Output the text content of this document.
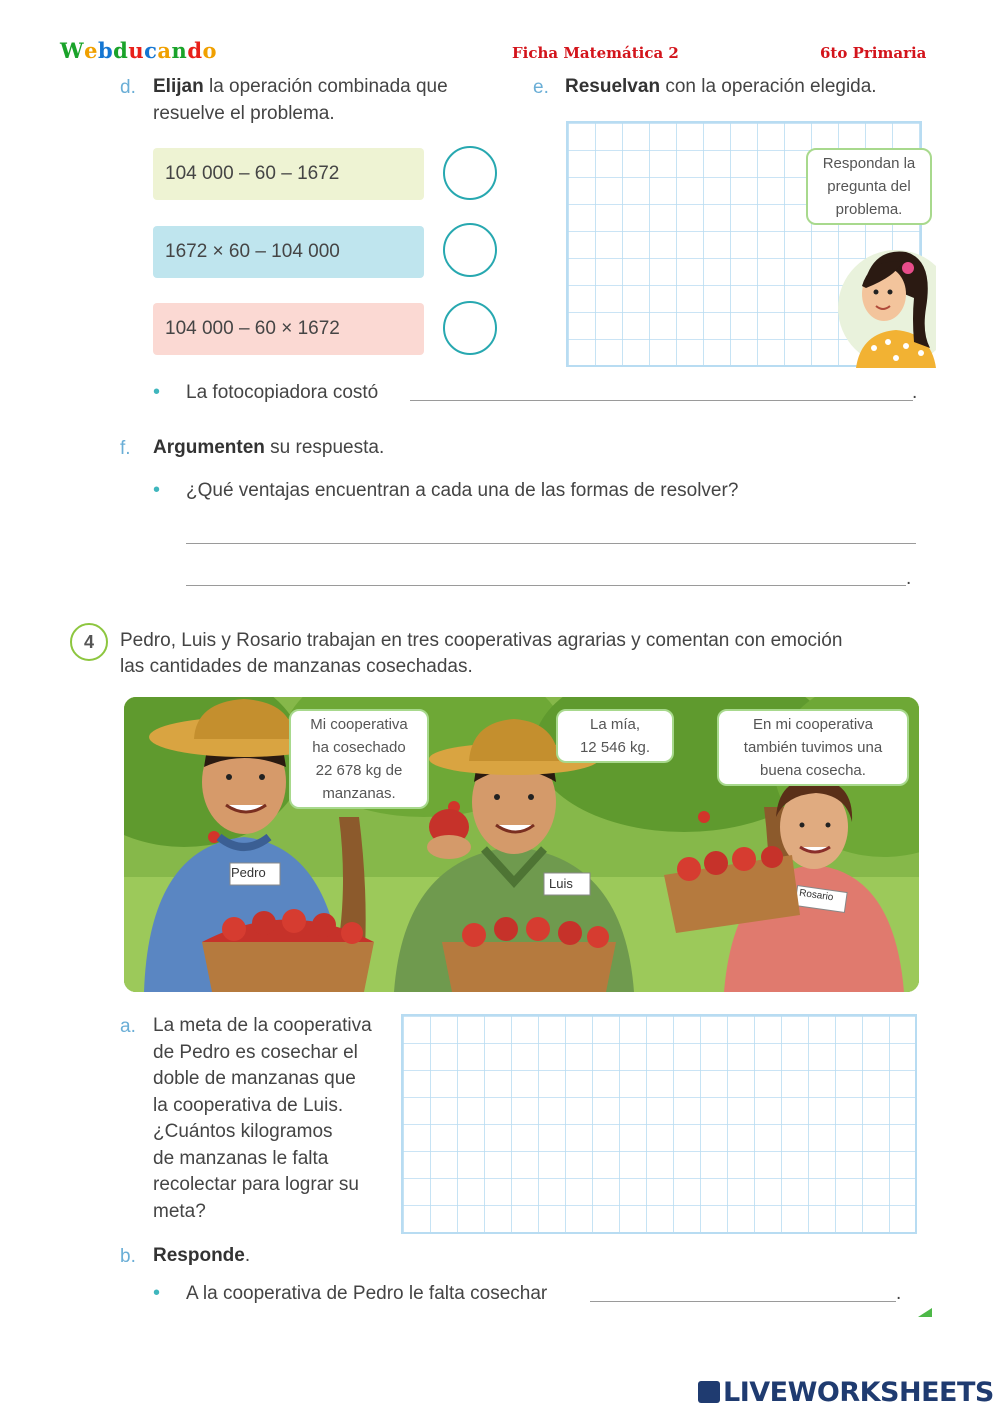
Webducando	Ficha Matemática 2	6to Primaria
d. Elijan la operación combinada que
resuelve el problema.
104 000 – 60 – 1672
1672 × 60 – 104 000
104 000 – 60 × 1672
e. Resuelvan con la operación elegida.
Respondan la
pregunta del
problema.
• La fotocopiadora costó	.
f. Argumenten su respuesta.
• ¿Qué ventajas encuentran a cada una de las formas de resolver?
.
4	Pedro, Luis y Rosario trabajan en tres cooperativas agrarias y comentan con emoción
las cantidades de manzanas cosechadas.
Pedro
Luis
Rosario
Mi cooperativa
ha cosechado
22 678 kg de
manzanas.
La mía,
12 546 kg.
En mi cooperativa
también tuvimos una
buena cosecha.
a. La meta de la cooperativa
de Pedro es cosechar el
doble de manzanas que
la cooperativa de Luis.
¿Cuántos kilogramos
de manzanas le falta
recolectar para lograr su
meta?
b. Responde.
• A la cooperativa de Pedro le falta cosechar	.
LIVEWORKSHEETS
